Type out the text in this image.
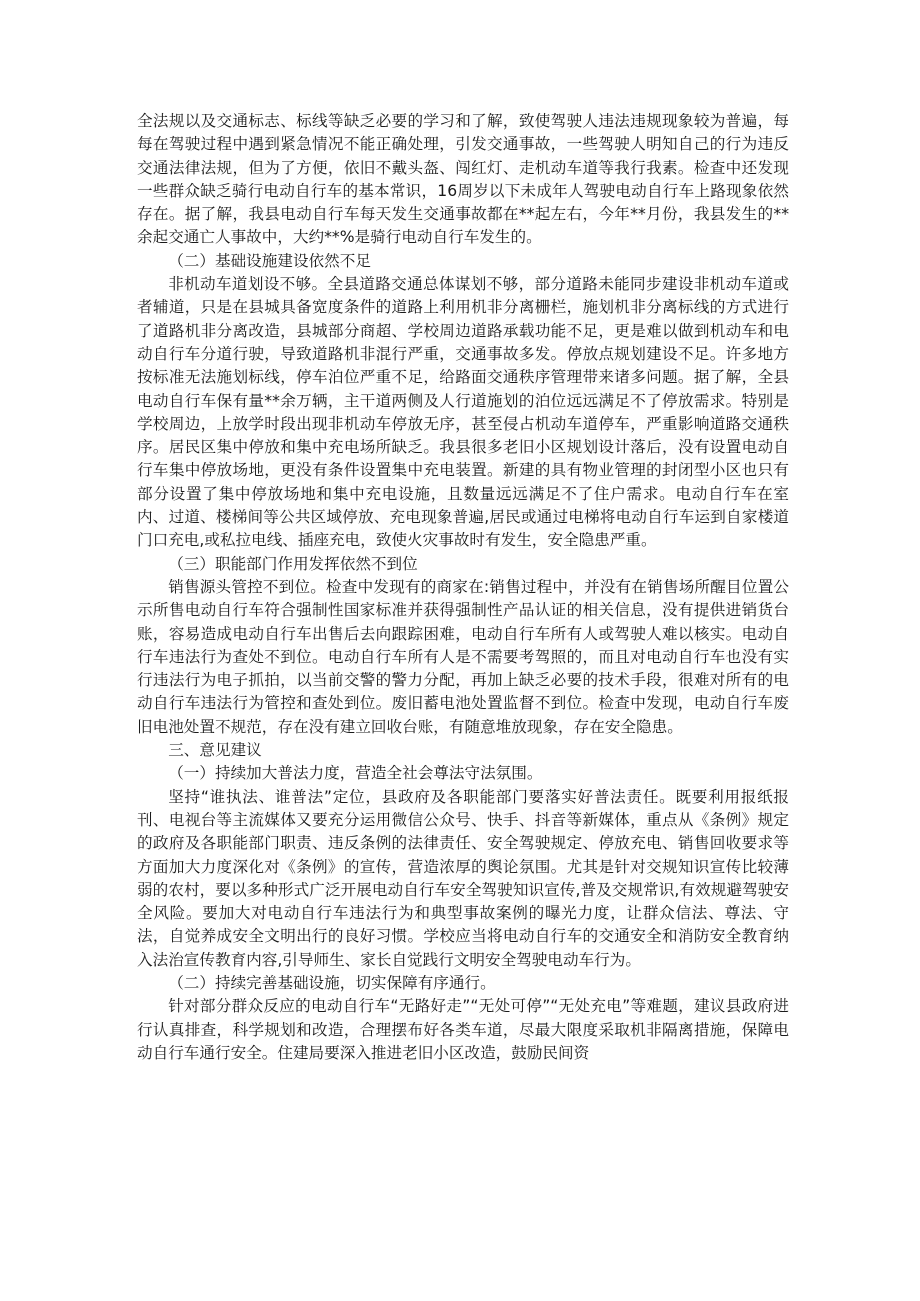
全法规以及交通标志、标线等缺乏必要的学习和了解，致使驾驶人违法违规现象较为普遍，每每在驾驶过程中遇到紧急情况不能正确处理，引发交通事故，一些驾驶人明知自己的行为违反交通法律法规，但为了方便，依旧不戴头盔、闯红灯、走机动车道等我行我素。检查中还发现一些群众缺乏骑行电动自行车的基本常识，16周岁以下未成年人驾驶电动自行车上路现象依然存在。据了解，我县电动自行车每天发生交通事故都在**起左右，今年**月份，我县发生的**余起交通亡人事故中，大约**%是骑行电动自行车发生的。

（二）基础设施建设依然不足

非机动车道划设不够。全县道路交通总体谋划不够，部分道路未能同步建设非机动车道或者辅道，只是在县城具备宽度条件的道路上利用机非分离栅栏，施划机非分离标线的方式进行了道路机非分离改造，县城部分商超、学校周边道路承载功能不足，更是难以做到机动车和电动自行车分道行驶，导致道路机非混行严重，交通事故多发。停放点规划建设不足。许多地方按标准无法施划标线，停车泊位严重不足，给路面交通秩序管理带来诸多问题。据了解，全县电动自行车保有量**余万辆，主干道两侧及人行道施划的泊位远远满足不了停放需求。特别是学校周边，上放学时段出现非机动车停放无序，甚至侵占机动车道停车，严重影响道路交通秩序。居民区集中停放和集中充电场所缺乏。我县很多老旧小区规划设计落后，没有设置电动自行车集中停放场地，更没有条件设置集中充电装置。新建的具有物业管理的封闭型小区也只有部分设置了集中停放场地和集中充电设施，且数量远远满足不了住户需求。电动自行车在室内、过道、楼梯间等公共区域停放、充电现象普遍,居民或通过电梯将电动自行车运到自家楼道门口充电,或私拉电线、插座充电，致使火灾事故时有发生，安全隐患严重。

（三）职能部门作用发挥依然不到位

销售源头管控不到位。检查中发现有的商家在:销售过程中，并没有在销售场所醒目位置公示所售电动自行车符合强制性国家标准并获得强制性产品认证的相关信息，没有提供进销货台账，容易造成电动自行车出售后去向跟踪困难，电动自行车所有人或驾驶人难以核实。电动自行车违法行为查处不到位。电动自行车所有人是不需要考驾照的，而且对电动自行车也没有实行违法行为电子抓拍，以当前交警的警力分配，再加上缺乏必要的技术手段，很难对所有的电动自行车违法行为管控和查处到位。废旧蓄电池处置监督不到位。检查中发现，电动自行车废旧电池处置不规范，存在没有建立回收台账，有随意堆放现象，存在安全隐患。

三、意见建议

（一）持续加大普法力度，营造全社会尊法守法氛围。

坚持“谁执法、谁普法”定位，县政府及各职能部门要落实好普法责任。既要利用报纸报刊、电视台等主流媒体又要充分运用微信公众号、快手、抖音等新媒体，重点从《条例》规定的政府及各职能部门职责、违反条例的法律责任、安全驾驶规定、停放充电、销售回收要求等方面加大力度深化对《条例》的宣传，营造浓厚的舆论氛围。尤其是针对交规知识宣传比较薄弱的农村，要以多种形式广泛开展电动自行车安全驾驶知识宣传,普及交规常识,有效规避驾驶安全风险。要加大对电动自行车违法行为和典型事故案例的曝光力度，让群众信法、尊法、守法，自觉养成安全文明出行的良好习惯。学校应当将电动自行车的交通安全和消防安全教育纳入法治宣传教育内容,引导师生、家长自觉践行文明安全驾驶电动车行为。

（二）持续完善基础设施，切实保障有序通行。

针对部分群众反应的电动自行车“无路好走”“无处可停”“无处充电”等难题，建议县政府进行认真排查，科学规划和改造，合理摆布好各类车道，尽最大限度采取机非隔离措施，保障电动自行车通行安全。住建局要深入推进老旧小区改造，鼓励民间资
